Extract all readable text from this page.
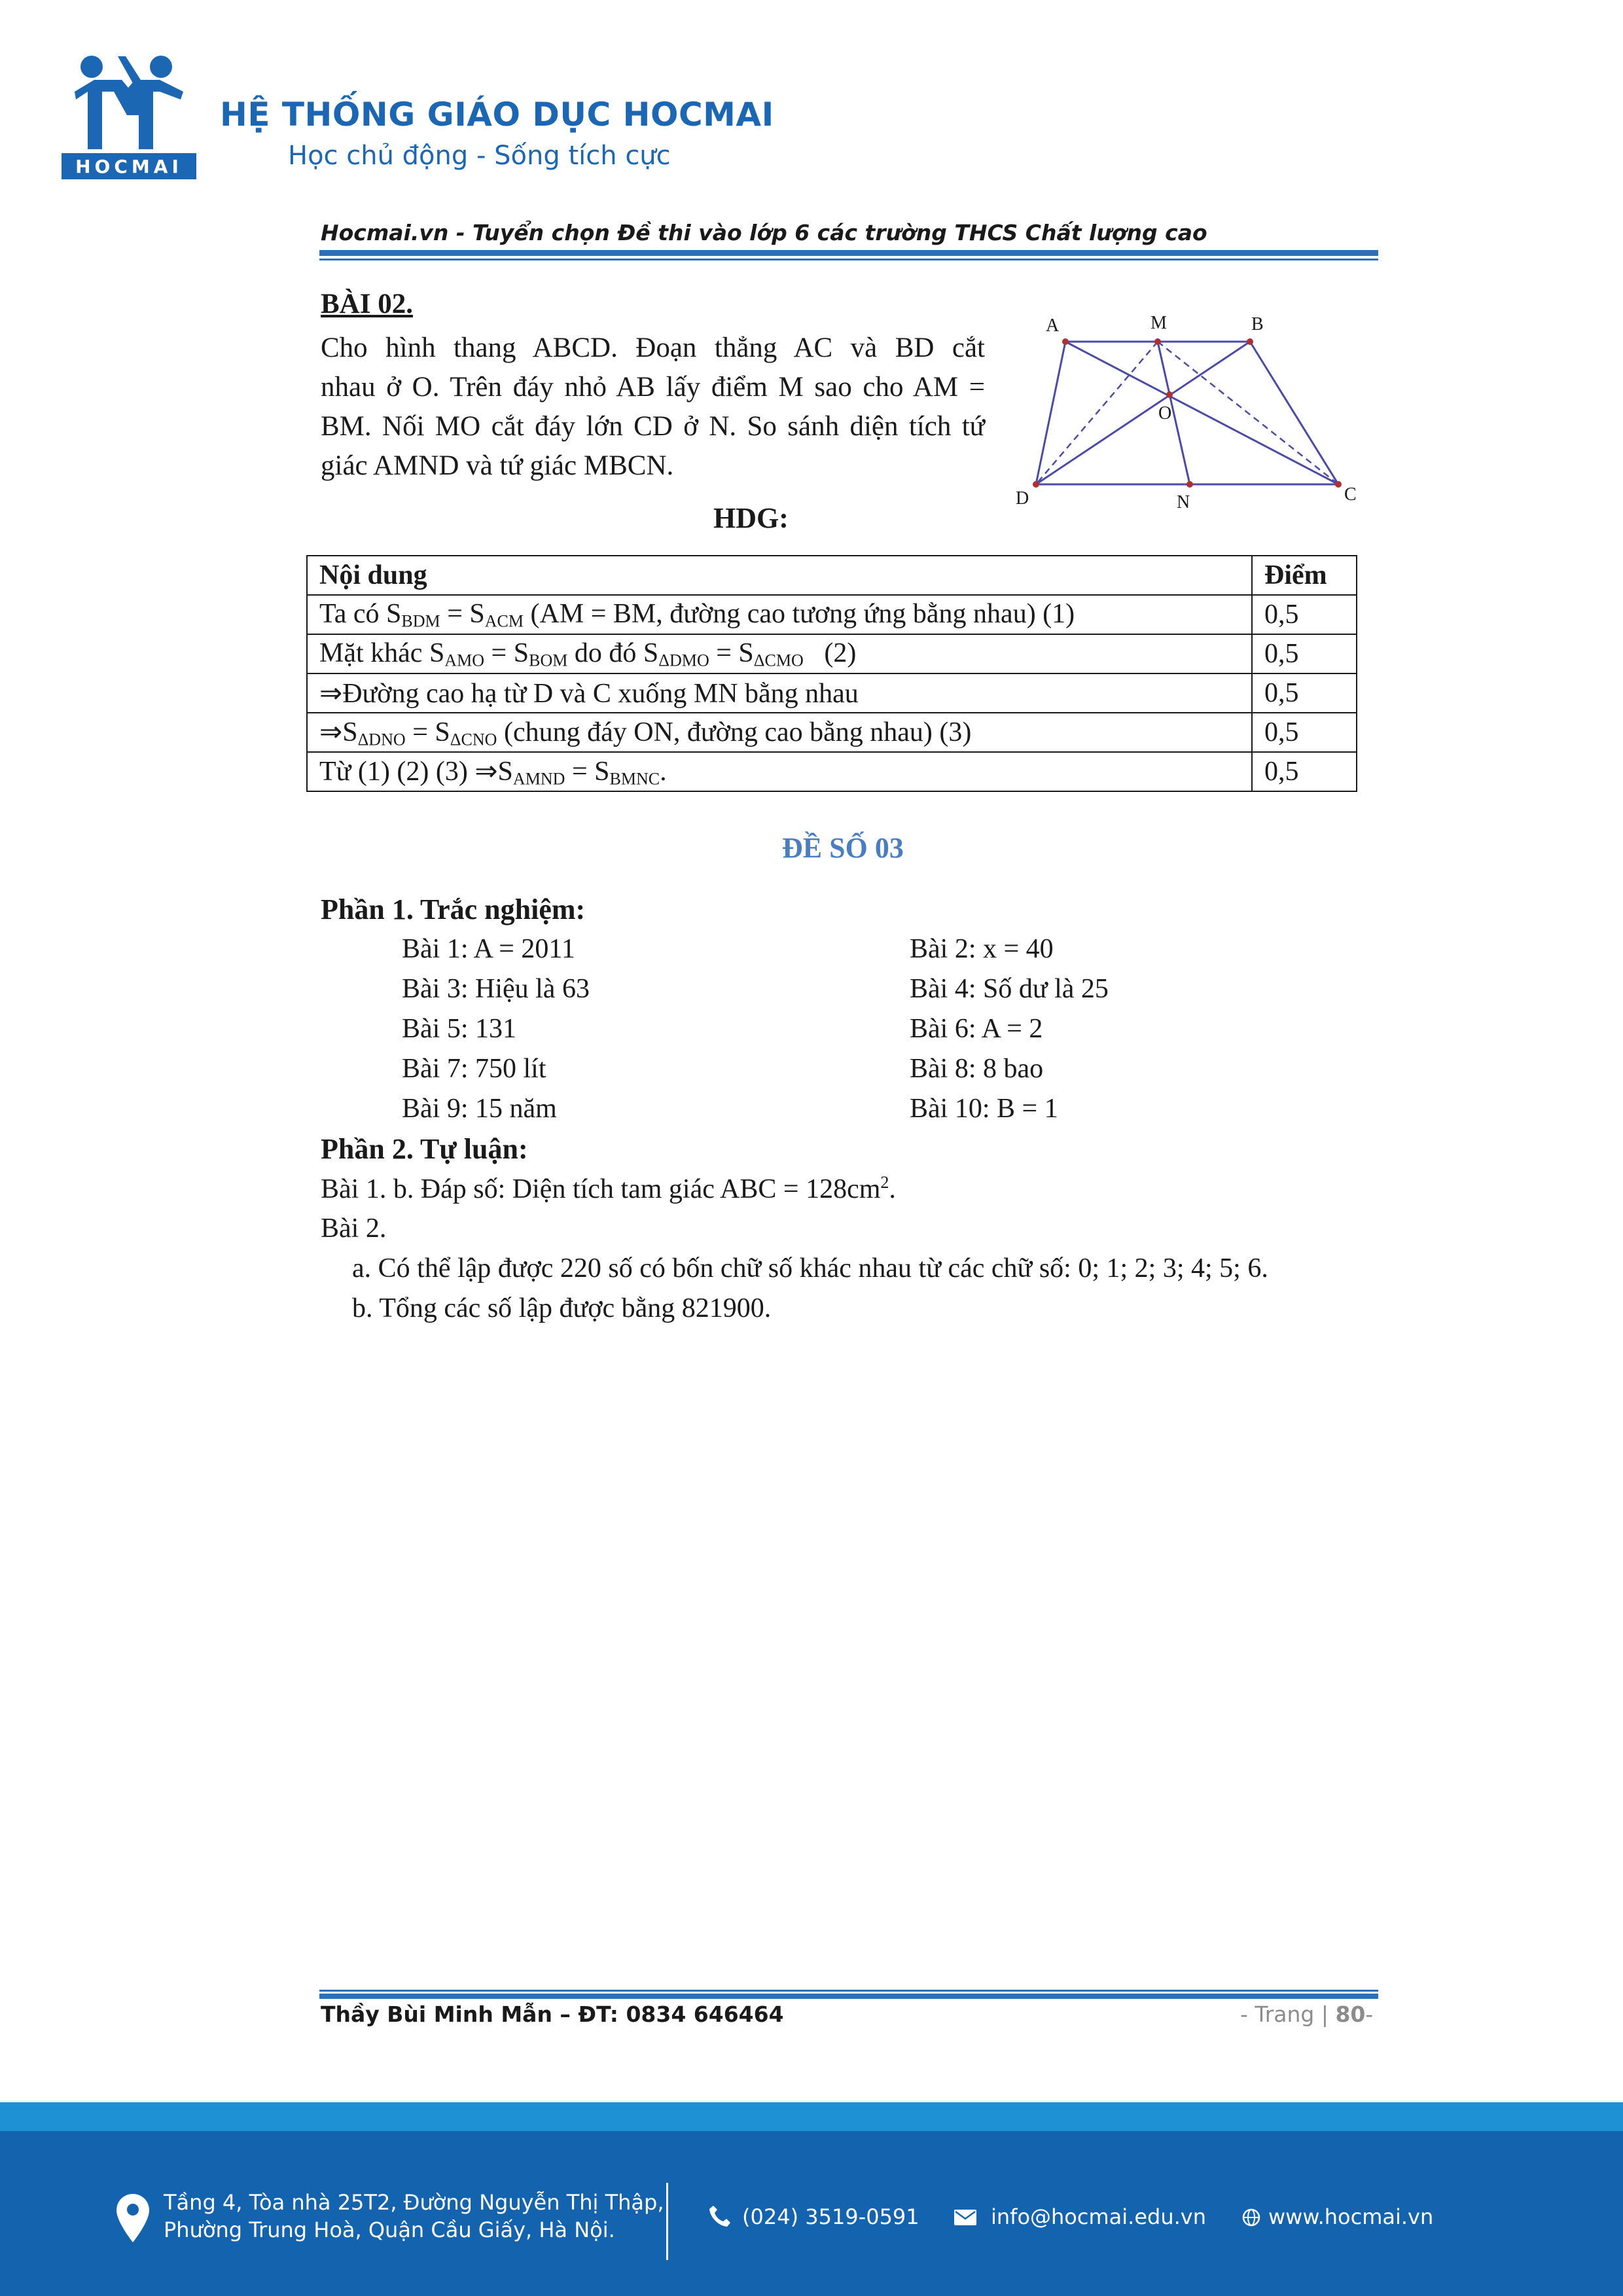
HOCMAI
HỆ THỐNG GIÁO DỤC HOCMAI
Học chủ động - Sống tích cực
Hocmai.vn - Tuyển chọn Đề thi vào lớp 6 các trường THCS Chất lượng cao
BÀI 02.

Cho hình thang ABCD. Đoạn thẳng AC và BD cắt

nhau ở O. Trên đáy nhỏ AB lấy điểm M sao cho AM =

BM. Nối MO cắt đáy lớn CD ở N. So sánh diện tích tứ

giác AMND và tứ giác MBCN.

A	M	B
O
D	N	C
HDG:
Nội dung	Điểm
Ta có $S_{BDM} = S_{ACM}$ (AM = BM, đường cao tương ứng bằng nhau) (1)	0,5
Mặt khác $S_{AMO} = S_{BOM}$ do đó $S_{\Delta DMO} = S_{\Delta CMO}$   (2)	0,5
⇒Đường cao hạ từ D và C xuống MN bằng nhau	0,5
$\Rightarrow S_{\Delta DNO} = S_{\Delta CNO}$ (chung đáy ON, đường cao bằng nhau) (3)	0,5
Từ (1) (2) (3) $\Rightarrow S_{AMND} = S_{BMNC}$.	0,5
ĐỀ SỐ 03
Phần 1. Trắc nghiệm:
Bài 1: A = 2011	Bài 2: x = 40
Bài 3: Hiệu là 63	Bài 4: Số dư là 25
Bài 5: 131	Bài 6: A = 2
Bài 7: 750 lít	Bài 8: 8 bao
Bài 9: 15 năm	Bài 10: B = 1
Phần 2. Tự luận:
Bài 1. b. Đáp số: Diện tích tam giác ABC = $128cm^2$.
Bài 2.
a. Có thể lập được 220 số có bốn chữ số khác nhau từ các chữ số: 0; 1; 2; 3; 4; 5; 6.
b. Tổng các số lập được bằng 821900.
Thầy Bùi Minh Mẫn – ĐT: 0834 646464	- Trang | 80-
Tầng 4, Tòa nhà 25T2, Đường Nguyễn Thị Thập,
Phường Trung Hoà, Quận Cầu Giấy, Hà Nội.
(024) 3519-0591	info@hocmai.edu.vn	www.hocmai.vn
